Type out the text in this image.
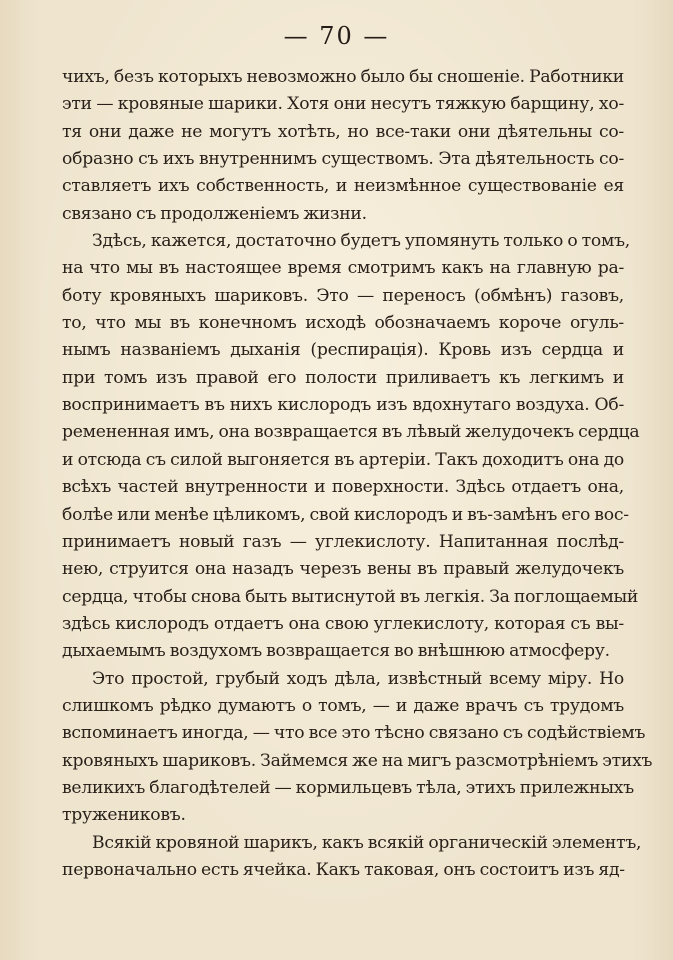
— 70 —
чихъ, безъ которыхъ невозможно было бы сношеніе. Работники
эти — кровяные шарики. Хотя они несутъ тяжкую барщину, хо-
тя они даже не могутъ хотѣть, но все-таки они дѣятельны со-
образно съ ихъ внутреннимъ существомъ. Эта дѣятельность со-
ставляетъ ихъ собственность, и неизмѣнное существованіе ея
связано съ продолженіемъ жизни.
Здѣсь, кажется, достаточно будетъ упомянуть только о томъ,
на что мы въ настоящее время смотримъ какъ на главную ра-
боту кровяныхъ шариковъ. Это — переносъ (обмѣнъ) газовъ,
то, что мы въ конечномъ исходѣ обозначаемъ короче огуль-
нымъ названіемъ дыханія (респирація). Кровь изъ сердца и
при томъ изъ правой его полости приливаетъ къ легкимъ и
воспринимаетъ въ нихъ кислородъ изъ вдохнутаго воздуха. Об-
ремененная имъ, она возвращается въ лѣвый желудочекъ сердца
и отсюда съ силой выгоняется въ артеріи. Такъ доходитъ она до
всѣхъ частей внутренности и поверхности. Здѣсь отдаетъ она,
болѣе или менѣе цѣликомъ, свой кислородъ и въ-замѣнъ его вос-
принимаетъ новый газъ — углекислоту. Напитанная послѣд-
нею, струится она назадъ черезъ вены въ правый желудочекъ
сердца, чтобы снова быть вытиснутой въ легкія. За поглощаемый
здѣсь кислородъ отдаетъ она свою углекислоту, которая съ вы-
дыхаемымъ воздухомъ возвращается во внѣшнюю атмосферу.
Это простой, грубый ходъ дѣла, извѣстный всему міру. Но
слишкомъ рѣдко думаютъ о томъ, — и даже врачъ съ трудомъ
вспоминаетъ иногда, — что все это тѣсно связано съ содѣйствіемъ
кровяныхъ шариковъ. Займемся же на мигъ разсмотрѣніемъ этихъ
великихъ благодѣтелей — кормильцевъ тѣла, этихъ прилежныхъ
тружениковъ.
Всякій кровяной шарикъ, какъ всякій органическій элементъ,
первоначально есть ячейка. Какъ таковая, онъ состоитъ изъ яд-
